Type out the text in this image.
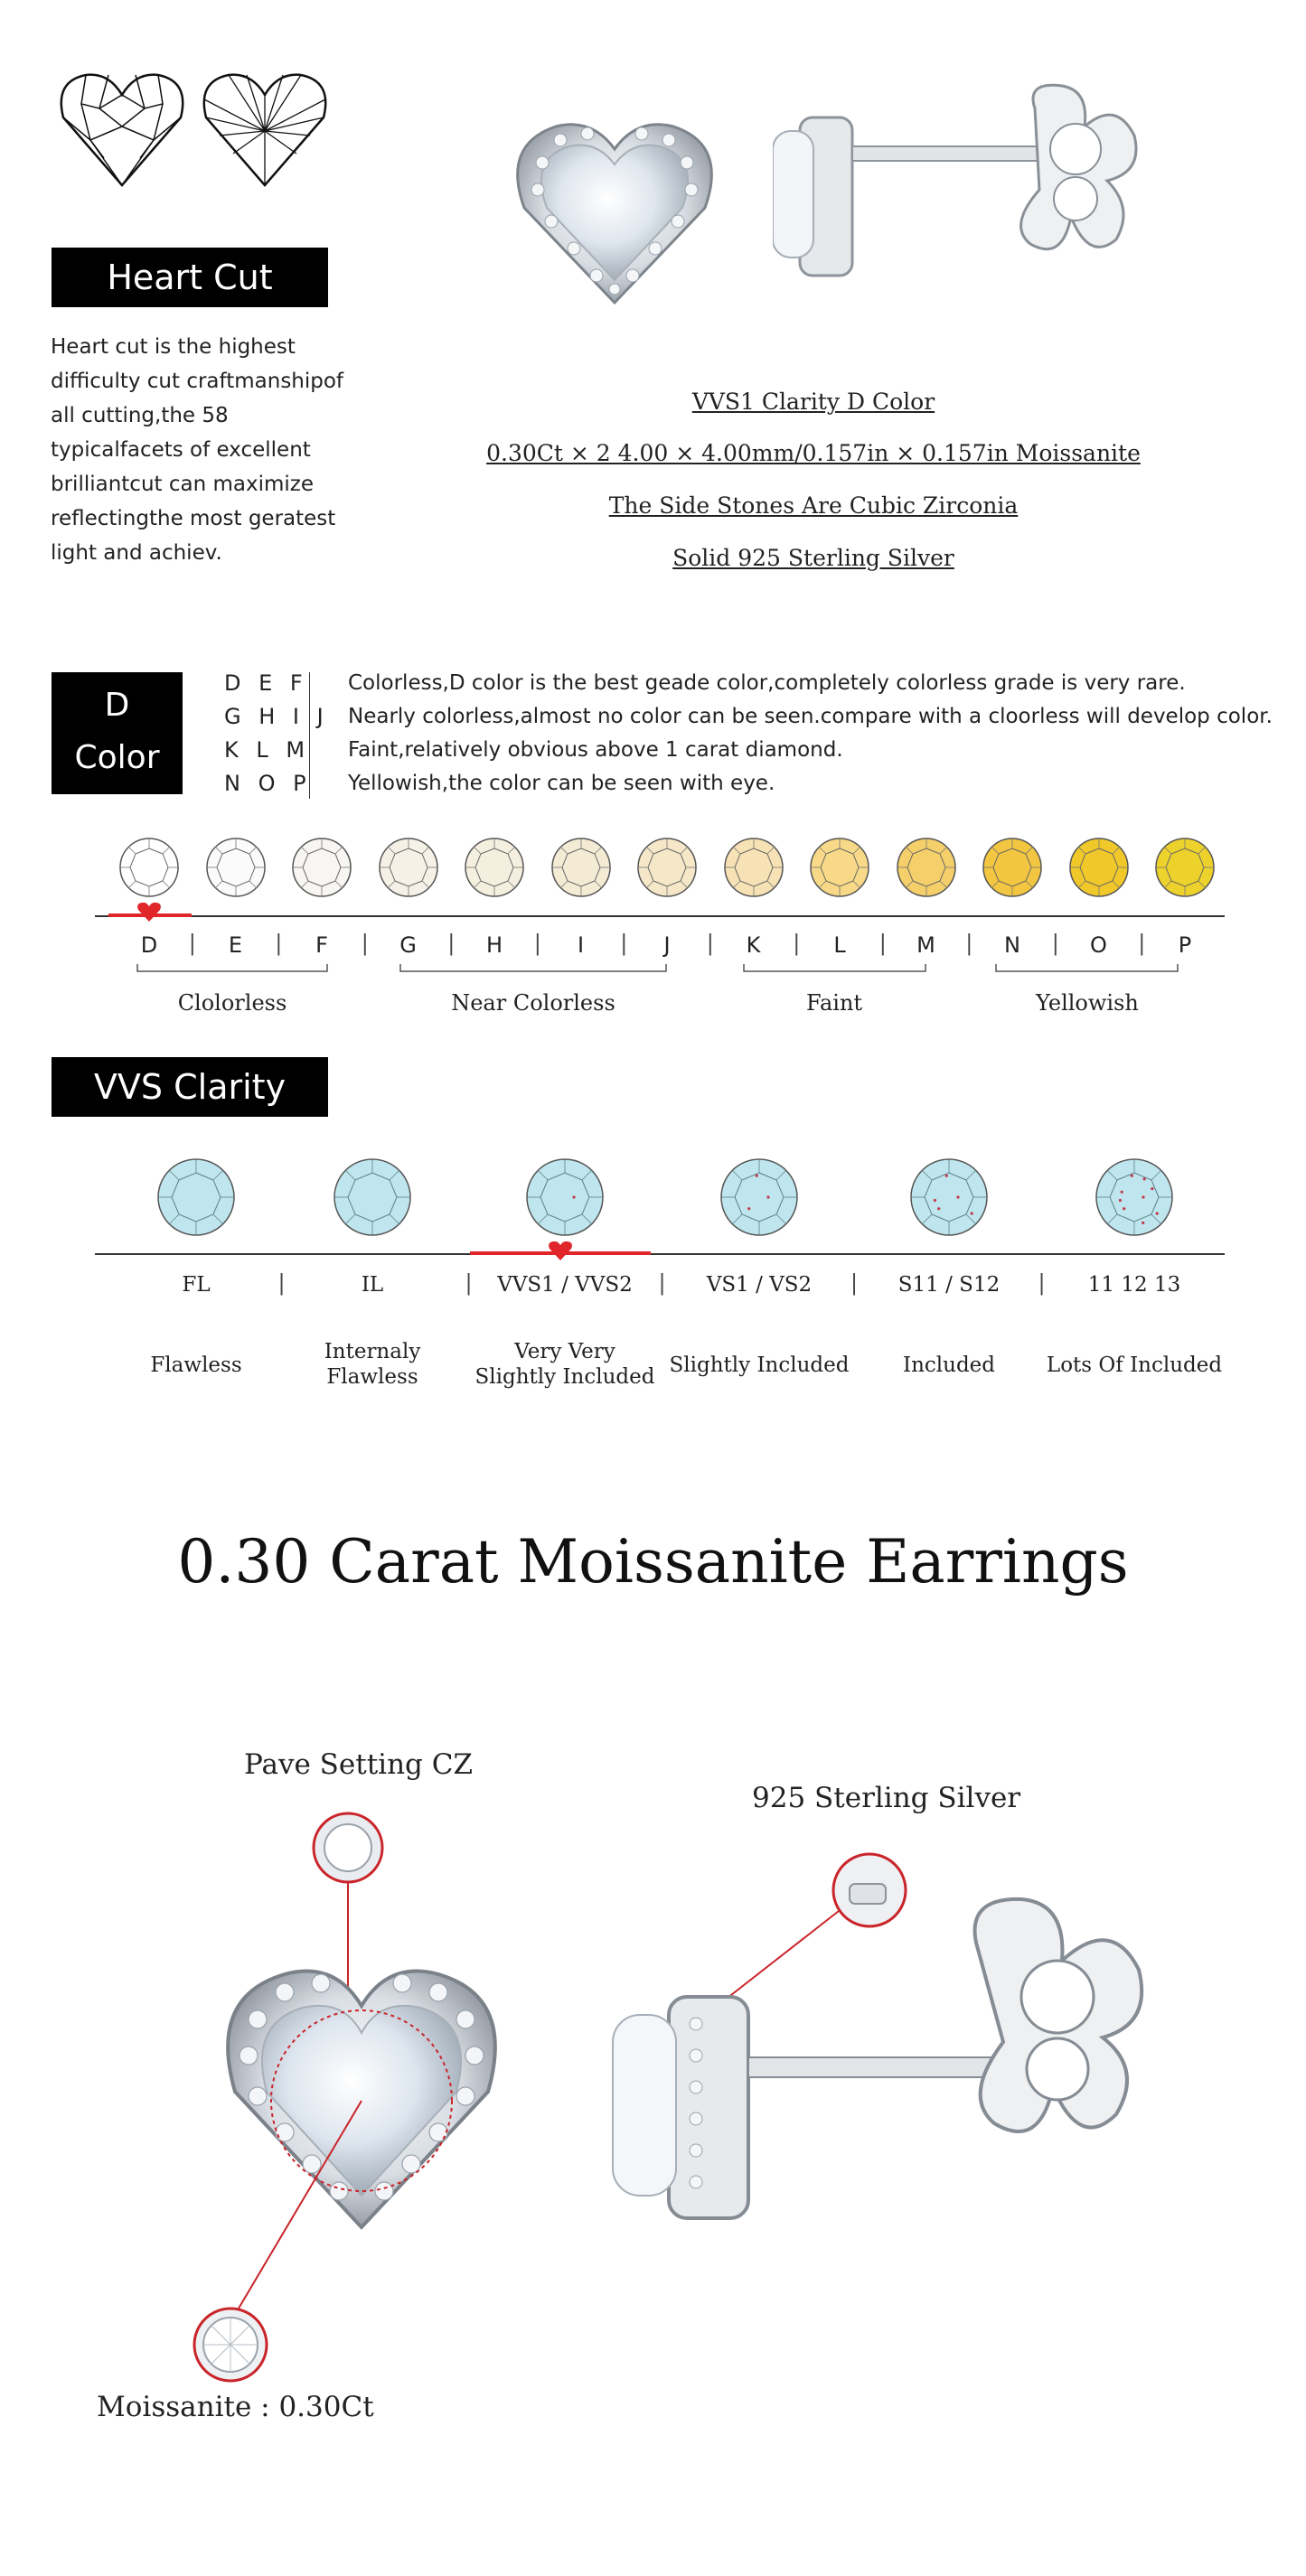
Heart Cut
Heart cut is the highest difficulty cut craftmanshipof all cutting,the 58 typicalfacets of excellent brilliantcut can maximize reflectingthe most geratest light and achiev.
VVS1 Clarity D Color
0.30Ct × 2 4.00 × 4.00mm/0.157in × 0.157in Moissanite
The Side Stones Are Cubic Zirconia
Solid 925 Sterling Silver
D
Color
D E F
G H I J
K L M
N O P
Colorless,D color is the best geade color,completely colorless grade is very rare.
Nearly colorless,almost no color can be seen.compare with a cloorless will develop color.
Faint,relatively obvious above 1 carat diamond.
Yellowish,the color can be seen with eye.
D | E | F | G | H | I | J | K | L | M | N | O | P
Clolorless	Near Colorless	Faint	Yellowish
VVS Clarity
FL	|
Flawless
IL	|
Internaly
Flawless
VVS1 / VVS2 |
Very Very
Slightly Included
VS1 / VS2 |
Slightly Included
S11 / S12 |
Included
11 12 13
Lots Of Included
0.30 Carat Moissanite Earrings
Pave Setting CZ
925 Sterling Silver
Moissanite : 0.30Ct
